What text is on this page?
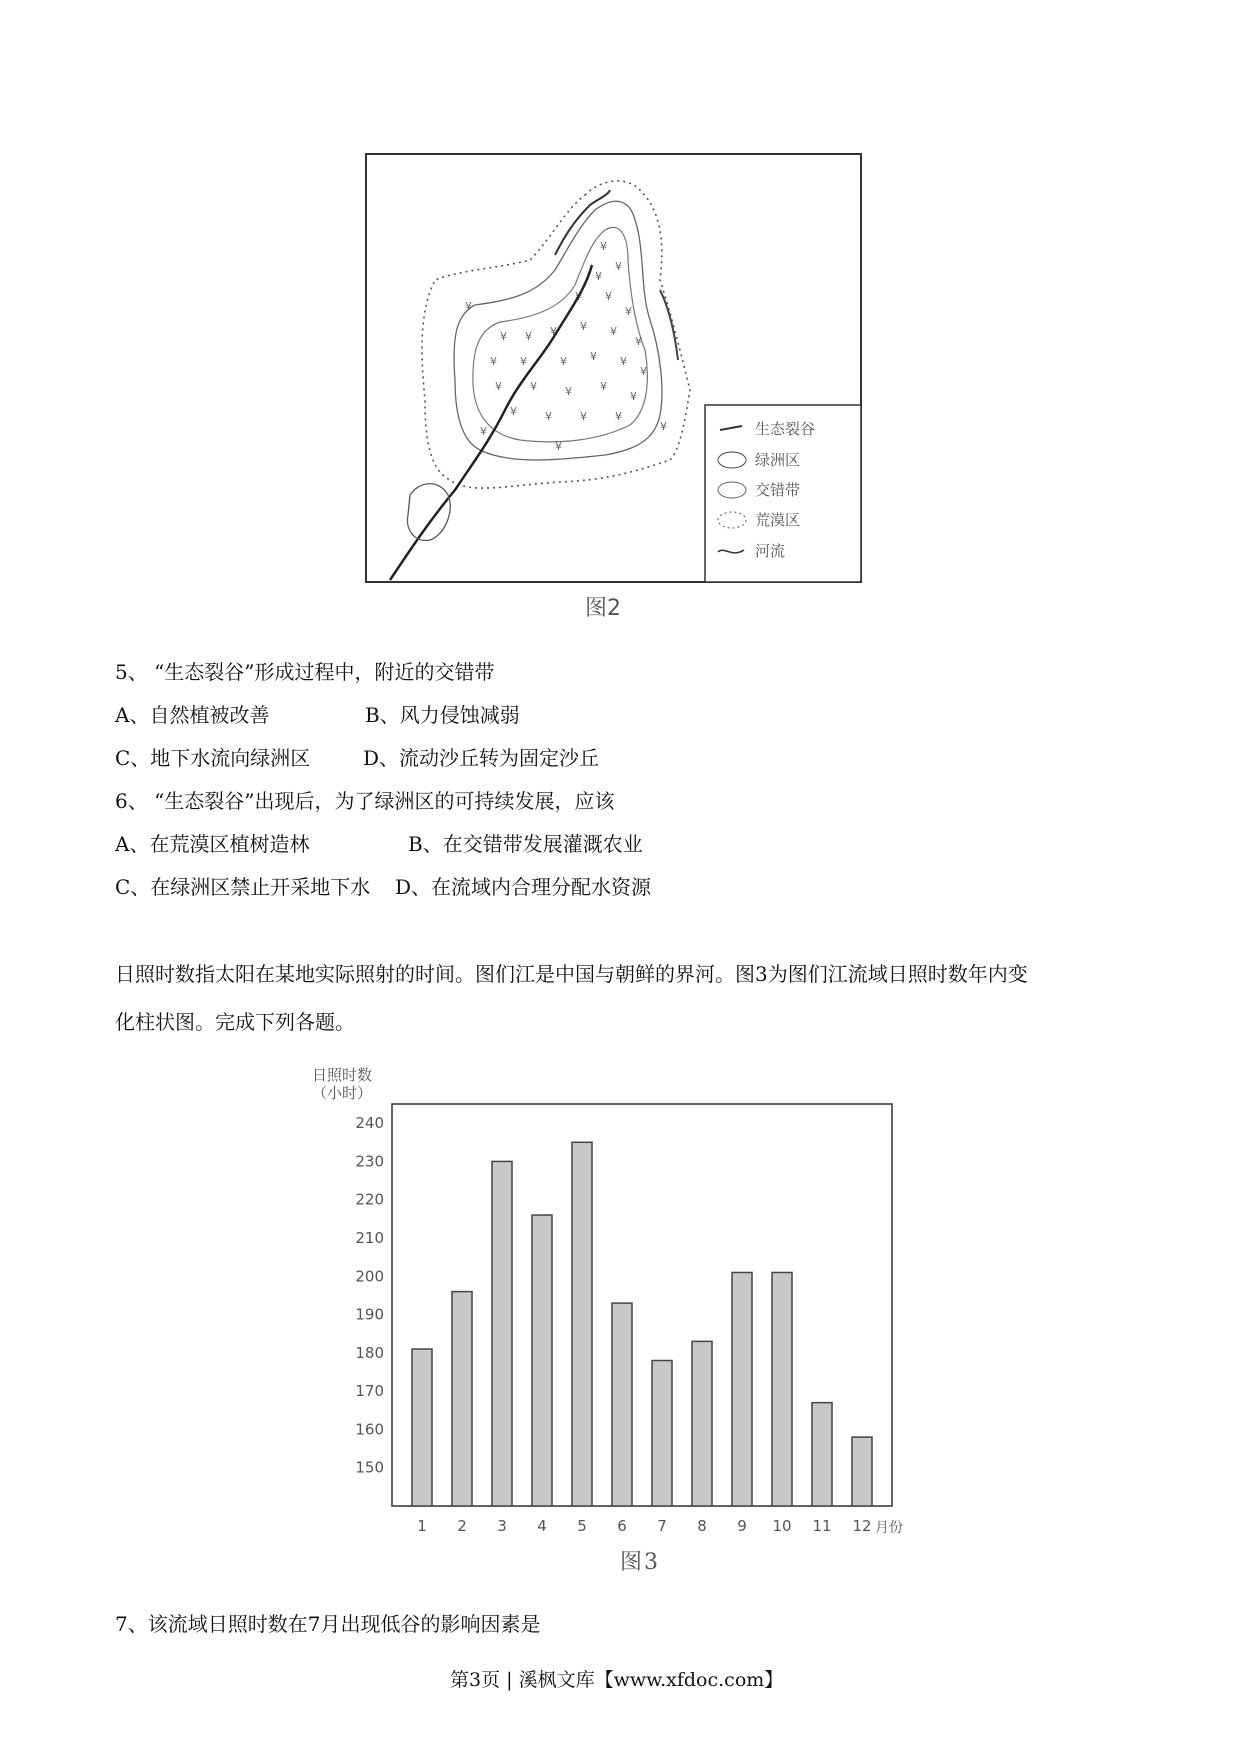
¥
¥
¥
¥ ¥
¥
¥ ¥ ¥ ¥ ¥
¥
¥ ¥	¥ ¥ ¥
¥
¥	¥	¥	¥
¥
¥	¥	¥	¥
¥
¥
¥	¥	生态裂谷
绿洲区
交错带
荒漠区
河流
图2
5、 “生态裂谷”形成过程中，附近的交错带
A、自然植被改善	B、风力侵蚀减弱
C、地下水流向绿洲区	D、流动沙丘转为固定沙丘
6、 “生态裂谷”出现后，为了绿洲区的可持续发展，应该
A、在荒漠区植树造林	B、在交错带发展灌溉农业
C、在绿洲区禁止开采地下水 D、在流域内合理分配水资源
日照时数指太阳在某地实际照射的时间。图们江是中国与朝鲜的界河。图3为图们江流域日照时数年内变
化柱状图。完成下列各题。
日照时数
（小时）
150
160
170
180
190
200
210
220
230
240
1 2 3 4 5 6 7 8 9 10 11 12 月份
图3
7、该流域日照时数在7月出现低谷的影响因素是
第3页 | 溪枫文库【www.xfdoc.com】
